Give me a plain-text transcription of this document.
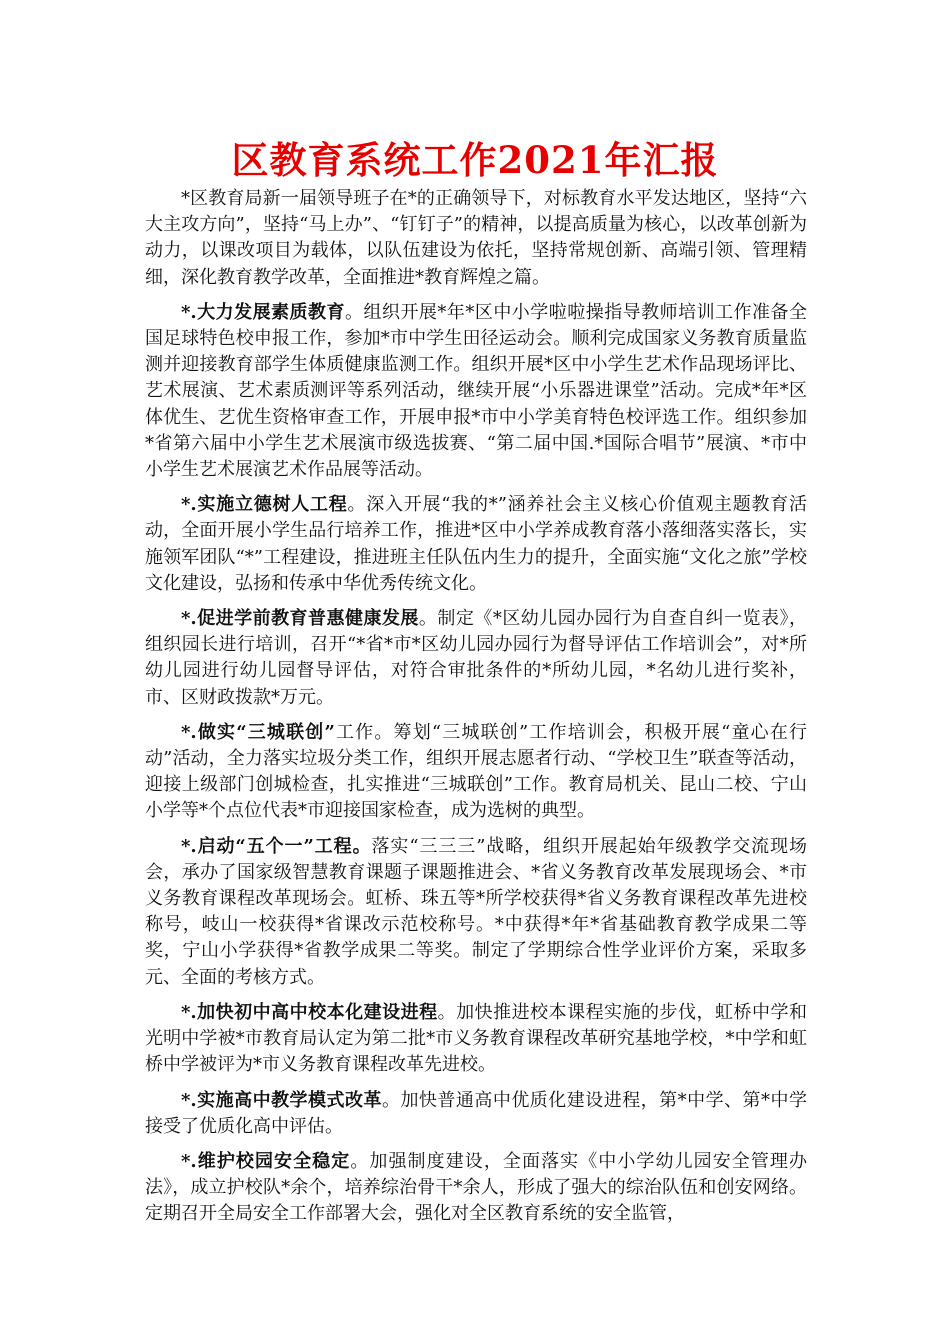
区教育系统工作2021年汇报

*区教育局新一届领导班子在*的正确领导下，对标教育水平发达地区，坚持“六大主攻方向”，坚持“马上办”、“钉钉子”的精神，以提高质量为核心，以改革创新为动力，以课改项目为载体，以队伍建设为依托，坚持常规创新、高端引领、管理精细，深化教育教学改革，全面推进*教育辉煌之篇。

*.大力发展素质教育。组织开展*年*区中小学啦啦操指导教师培训工作准备全国足球特色校申报工作，参加*市中学生田径运动会。顺利完成国家义务教育质量监测并迎接教育部学生体质健康监测工作。组织开展*区中小学生艺术作品现场评比、艺术展演、艺术素质测评等系列活动，继续开展“小乐器进课堂”活动。完成*年*区体优生、艺优生资格审查工作，开展申报*市中小学美育特色校评选工作。组织参加*省第六届中小学生艺术展演市级选拔赛、“第二届中国.*国际合唱节”展演、*市中小学生艺术展演艺术作品展等活动。

*.实施立德树人工程。深入开展“我的*”涵养社会主义核心价值观主题教育活动，全面开展小学生品行培养工作，推进*区中小学养成教育落小落细落实落长，实施领军团队“*”工程建设，推进班主任队伍内生力的提升，全面实施“文化之旅”学校文化建设，弘扬和传承中华优秀传统文化。

*.促进学前教育普惠健康发展。制定《*区幼儿园办园行为自查自纠一览表》，组织园长进行培训，召开“*省*市*区幼儿园办园行为督导评估工作培训会”，对*所幼儿园进行幼儿园督导评估，对符合审批条件的*所幼儿园，*名幼儿进行奖补，市、区财政拨款*万元。

*.做实“三城联创”工作。筹划“三城联创”工作培训会，积极开展“童心在行动”活动，全力落实垃圾分类工作，组织开展志愿者行动、“学校卫生”联查等活动，迎接上级部门创城检查，扎实推进“三城联创”工作。教育局机关、昆山二校、宁山小学等*个点位代表*市迎接国家检查，成为选树的典型。

*.启动“五个一”工程。落实“三三三”战略，组织开展起始年级教学交流现场会，承办了国家级智慧教育课题子课题推进会、*省义务教育改革发展现场会、*市义务教育课程改革现场会。虹桥、珠五等*所学校获得*省义务教育课程改革先进校称号，岐山一校获得*省课改示范校称号。*中获得*年*省基础教育教学成果二等奖，宁山小学获得*省教学成果二等奖。制定了学期综合性学业评价方案，采取多元、全面的考核方式。

*.加快初中高中校本化建设进程。加快推进校本课程实施的步伐，虹桥中学和光明中学被*市教育局认定为第二批*市义务教育课程改革研究基地学校，*中学和虹桥中学被评为*市义务教育课程改革先进校。

*.实施高中教学模式改革。加快普通高中优质化建设进程，第*中学、第*中学接受了优质化高中评估。

*.维护校园安全稳定。加强制度建设，全面落实《中小学幼儿园安全管理办法》，成立护校队*余个，培养综治骨干*余人，形成了强大的综治队伍和创安网络。定期召开全局安全工作部署大会，强化对全区教育系统的安全监管，
